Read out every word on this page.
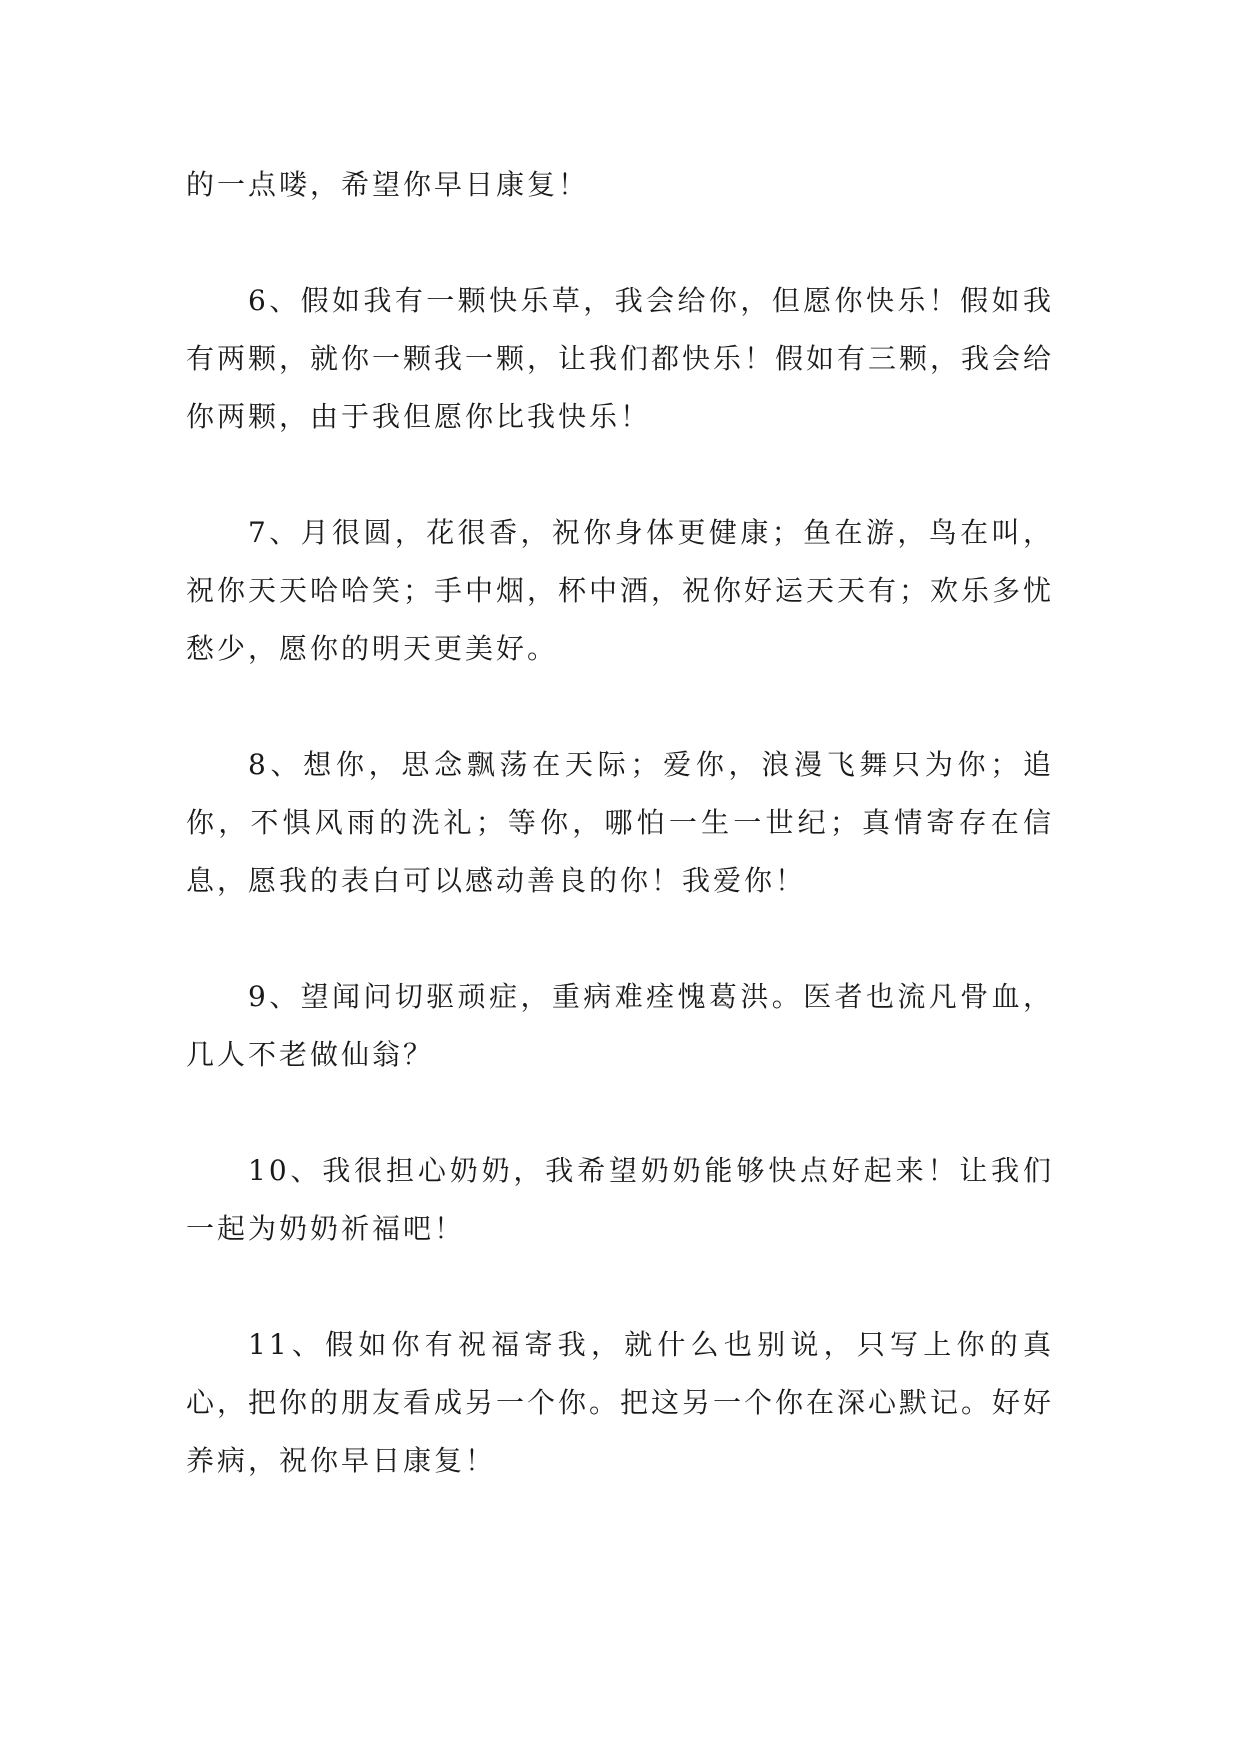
的一点喽，希望你早日康复！

6、假如我有一颗快乐草，我会给你，但愿你快乐！假如我有两颗，就你一颗我一颗，让我们都快乐！假如有三颗，我会给你两颗，由于我但愿你比我快乐！

7、月很圆，花很香，祝你身体更健康；鱼在游，鸟在叫，祝你天天哈哈笑；手中烟，杯中酒，祝你好运天天有；欢乐多忧愁少，愿你的明天更美好。

8、想你，思念飘荡在天际；爱你，浪漫飞舞只为你；追你，不惧风雨的洗礼；等你，哪怕一生一世纪；真情寄存在信息，愿我的表白可以感动善良的你！我爱你！

9、望闻问切驱顽症，重病难痊愧葛洪。医者也流凡骨血，几人不老做仙翁？

10、我很担心奶奶，我希望奶奶能够快点好起来！让我们一起为奶奶祈福吧！

11、假如你有祝福寄我，就什么也别说，只写上你的真心，把你的朋友看成另一个你。把这另一个你在深心默记。好好养病，祝你早日康复！
